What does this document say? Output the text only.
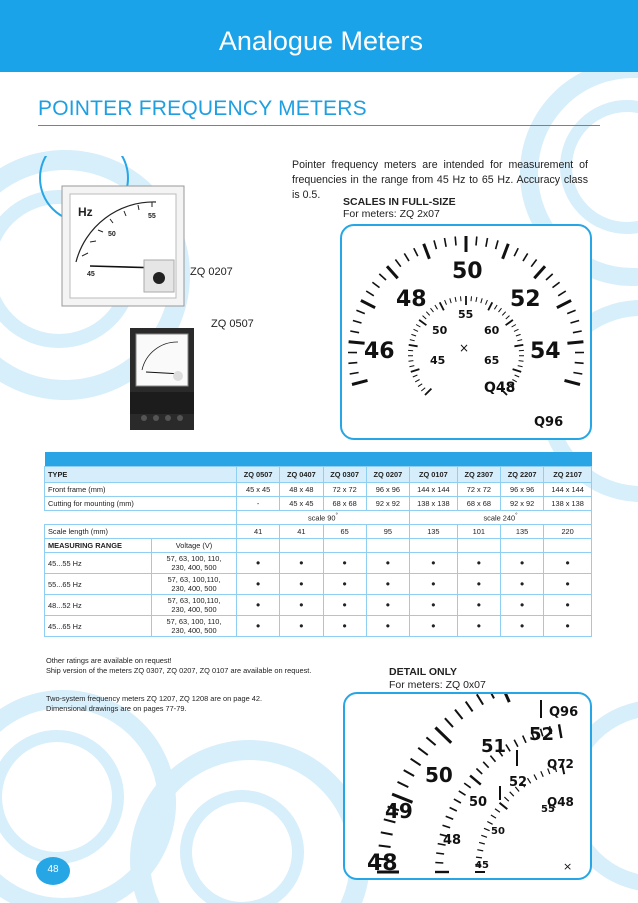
Analogue Meters
POINTER FREQUENCY METERS
Pointer frequency meters are intended for measurement of frequencies in the range from 45 Hz to 65 Hz. Accuracy class is 0.5.
Hz
50
55
45	ZQ 0207
ZQ 0507
SCALES IN FULL-SIZE
For meters: ZQ 2x07
46
48
50
52
54
45
50
55
60
65
×
Q48
Q96

TYPE		ZQ 0507	ZQ 0407	ZQ 0307	ZQ 0207	ZQ 0107	ZQ 2307	ZQ 2207	ZQ 2107
Front frame (mm)		45 x 45	48 x 48	72 x 72	96 x 96	144 x 144	72 x 72	96 x 96	144 x 144
Cutting for mounting (mm)		-	45 x 45	68 x 68	92 x 92	138 x 138	68 x 68	92 x 92	138 x 138
		scale 90°				scale 240°
Scale length (mm)		41	41	65	95	135	101	135	220
MEASURING RANGE	Voltage (V)								
45...55 Hz	57, 63, 100, 110,
230, 400, 500	•	•	•	•	•	•	•	•
55...65 Hz	57, 63, 100,110,
230, 400, 500	•	•	•	•	•	•	•	•
48...52 Hz	57, 63, 100,110,
230, 400, 500	•	•	•	•	•	•	•	•
45...65 Hz	57, 63, 100, 110,
230, 400, 500	•	•	•	•	•	•	•	•
Other ratings are available on request!
Ship version of the meters ZQ 0307, ZQ 0207, ZQ 0107 are available on request.
Two-system frequency meters ZQ 1207, ZQ 1208 are on page 42.
Dimensional drawings are on pages 77-79.
DETAIL ONLY
For meters: ZQ 0x07
48
49
50
51
52
48
50
52
45
50
55
×
Q96
Q72
Q48
48
